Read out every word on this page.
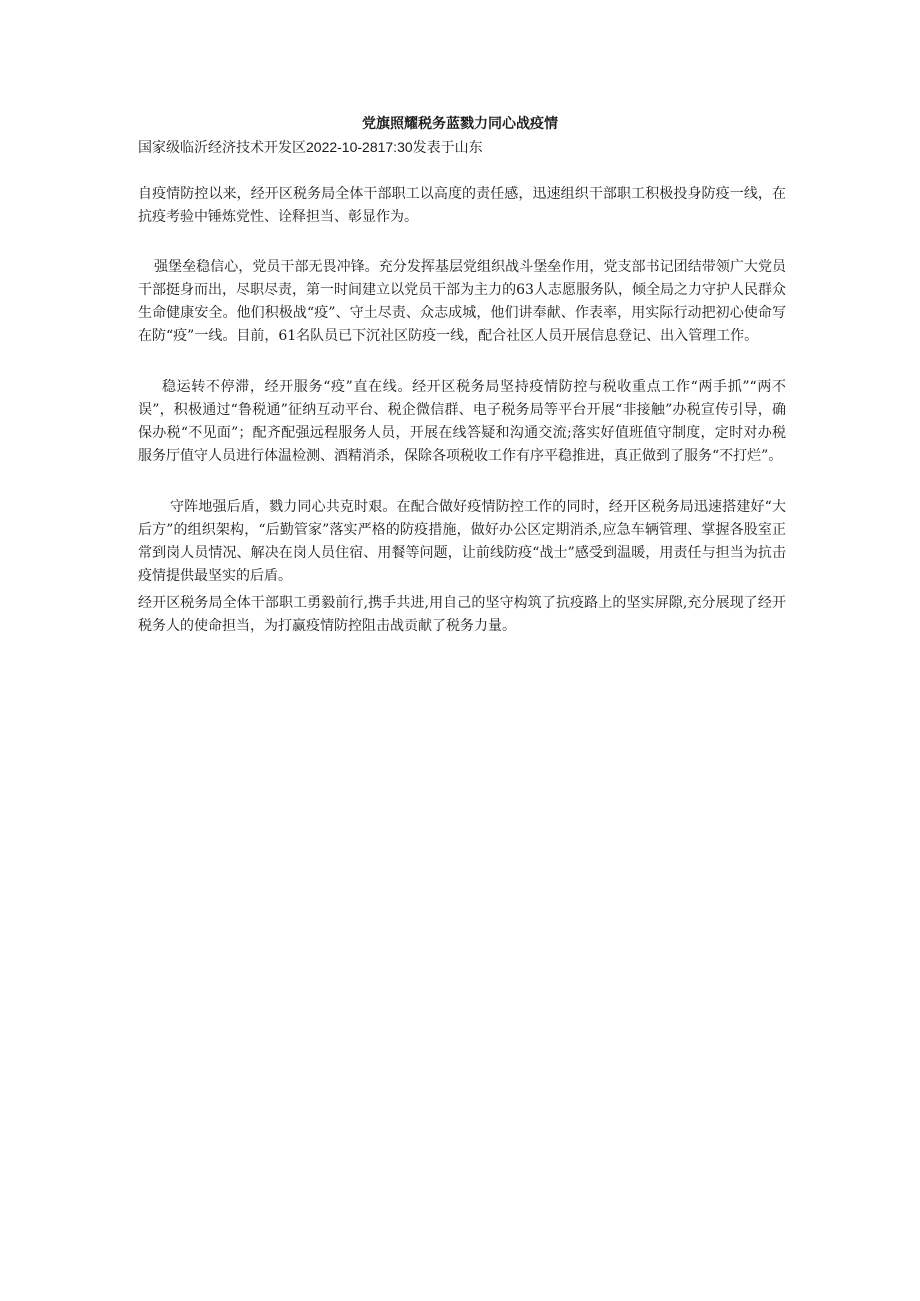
党旗照耀税务蓝戮力同心战疫情
国家级临沂经济技术开发区2022-10-2817:30发表于山东

自疫情防控以来，经开区税务局全体干部职工以高度的责任感，迅速组织干部职工积极投身防疫一线，在抗疫考验中锤炼党性、诠释担当、彰显作为。

强堡垒稳信心，党员干部无畏冲锋。充分发挥基层党组织战斗堡垒作用，党支部书记团结带领广大党员干部挺身而出，尽职尽责，第一时间建立以党员干部为主力的63人志愿服务队，倾全局之力守护人民群众生命健康安全。他们积极战“疫”、守土尽责、众志成城，他们讲奉献、作表率，用实际行动把初心使命写在防“疫”一线。目前，61名队员已下沉社区防疫一线，配合社区人员开展信息登记、出入管理工作。

稳运转不停滞，经开服务“疫”直在线。经开区税务局坚持疫情防控与税收重点工作“两手抓”“两不误”，积极通过“鲁税通”征纳互动平台、税企微信群、电子税务局等平台开展“非接触”办税宣传引导，确保办税“不见面”；配齐配强远程服务人员，开展在线答疑和沟通交流;落实好值班值守制度，定时对办税服务厅值守人员进行体温检测、酒精消杀，保除各项税收工作有序平稳推进，真正做到了服务“不打烂”。

守阵地强后盾，戮力同心共克时艰。在配合做好疫情防控工作的同时，经开区税务局迅速搭建好“大后方”的组织架构，“后勤管家”落实严格的防疫措施，做好办公区定期消杀,应急车辆管理、掌握各股室正常到岗人员情况、解决在岗人员住宿、用餐等问题，让前线防疫“战士”感受到温暖，用责任与担当为抗击疫情提供最坚实的后盾。

经开区税务局全体干部职工勇毅前行,携手共进,用自己的坚守构筑了抗疫路上的坚实屏隙,充分展现了经开税务人的使命担当，为打赢疫情防控阻击战贡献了税务力量。
